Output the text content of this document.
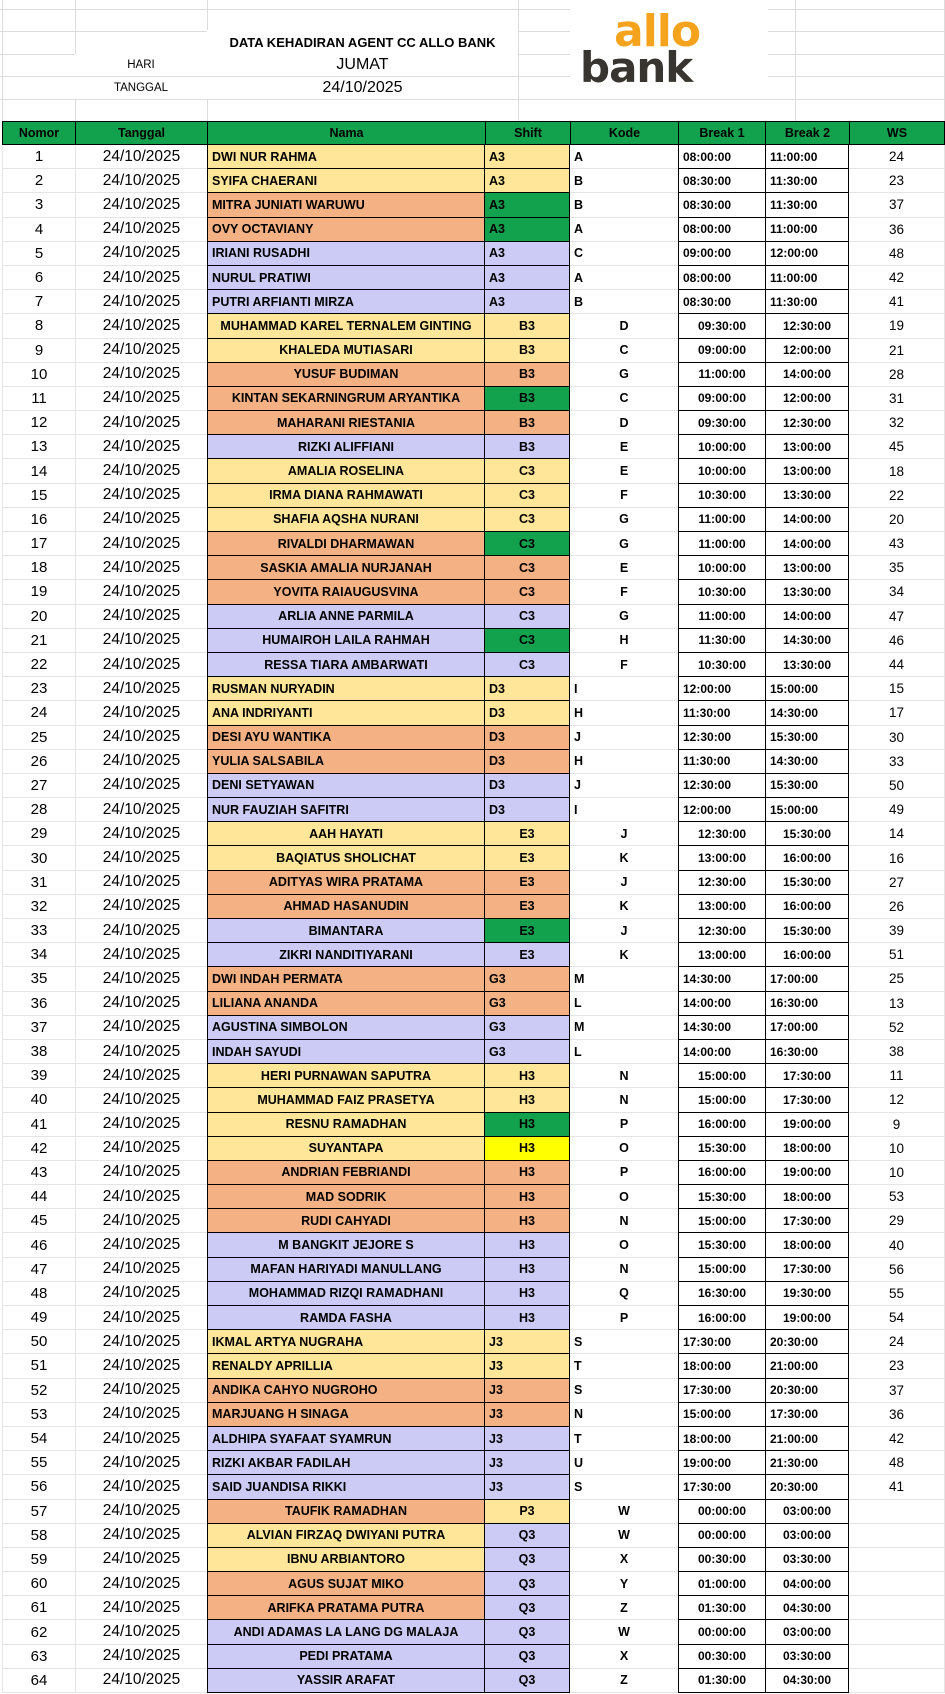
DATA KEHADIRAN AGENT CC ALLO BANK
HARI	JUMAT
TANGGAL	24/10/2025
allo
bank
Nomor	Tanggal	Nama	Shift	Kode	Break 1	Break 2	WS
1	24/10/2025	DWI NUR RAHMA	A3	A	08:00:00	11:00:00	24
2	24/10/2025	SYIFA CHAERANI	A3	B	08:30:00	11:30:00	23
3	24/10/2025	MITRA JUNIATI WARUWU	A3	B	08:30:00	11:30:00	37
4	24/10/2025	OVY OCTAVIANY	A3	A	08:00:00	11:00:00	36
5	24/10/2025	IRIANI RUSADHI	A3	C	09:00:00	12:00:00	48
6	24/10/2025	NURUL PRATIWI	A3	A	08:00:00	11:00:00	42
7	24/10/2025	PUTRI ARFIANTI MIRZA	A3	B	08:30:00	11:30:00	41
8	24/10/2025	MUHAMMAD KAREL TERNALEM GINTING	B3	D	09:30:00	12:30:00	19
9	24/10/2025	KHALEDA MUTIASARI	B3	C	09:00:00	12:00:00	21
10	24/10/2025	YUSUF BUDIMAN	B3	G	11:00:00	14:00:00	28
11	24/10/2025	KINTAN SEKARNINGRUM ARYANTIKA	B3	C	09:00:00	12:00:00	31
12	24/10/2025	MAHARANI RIESTANIA	B3	D	09:30:00	12:30:00	32
13	24/10/2025	RIZKI ALIFFIANI	B3	E	10:00:00	13:00:00	45
14	24/10/2025	AMALIA ROSELINA	C3	E	10:00:00	13:00:00	18
15	24/10/2025	IRMA DIANA RAHMAWATI	C3	F	10:30:00	13:30:00	22
16	24/10/2025	SHAFIA AQSHA NURANI	C3	G	11:00:00	14:00:00	20
17	24/10/2025	RIVALDI DHARMAWAN	C3	G	11:00:00	14:00:00	43
18	24/10/2025	SASKIA AMALIA NURJANAH	C3	E	10:00:00	13:00:00	35
19	24/10/2025	YOVITA RAIAUGUSVINA	C3	F	10:30:00	13:30:00	34
20	24/10/2025	ARLIA ANNE PARMILA	C3	G	11:00:00	14:00:00	47
21	24/10/2025	HUMAIROH LAILA RAHMAH	C3	H	11:30:00	14:30:00	46
22	24/10/2025	RESSA TIARA AMBARWATI	C3	F	10:30:00	13:30:00	44
23	24/10/2025	RUSMAN NURYADIN	D3	I	12:00:00	15:00:00	15
24	24/10/2025	ANA INDRIYANTI	D3	H	11:30:00	14:30:00	17
25	24/10/2025	DESI AYU WANTIKA	D3	J	12:30:00	15:30:00	30
26	24/10/2025	YULIA SALSABILA	D3	H	11:30:00	14:30:00	33
27	24/10/2025	DENI SETYAWAN	D3	J	12:30:00	15:30:00	50
28	24/10/2025	NUR FAUZIAH SAFITRI	D3	I	12:00:00	15:00:00	49
29	24/10/2025	AAH HAYATI	E3	J	12:30:00	15:30:00	14
30	24/10/2025	BAQIATUS SHOLICHAT	E3	K	13:00:00	16:00:00	16
31	24/10/2025	ADITYAS WIRA PRATAMA	E3	J	12:30:00	15:30:00	27
32	24/10/2025	AHMAD HASANUDIN	E3	K	13:00:00	16:00:00	26
33	24/10/2025	BIMANTARA	E3	J	12:30:00	15:30:00	39
34	24/10/2025	ZIKRI NANDITIYARANI	E3	K	13:00:00	16:00:00	51
35	24/10/2025	DWI INDAH PERMATA	G3	M	14:30:00	17:00:00	25
36	24/10/2025	LILIANA ANANDA	G3	L	14:00:00	16:30:00	13
37	24/10/2025	AGUSTINA SIMBOLON	G3	M	14:30:00	17:00:00	52
38	24/10/2025	INDAH SAYUDI	G3	L	14:00:00	16:30:00	38
39	24/10/2025	HERI PURNAWAN SAPUTRA	H3	N	15:00:00	17:30:00	11
40	24/10/2025	MUHAMMAD FAIZ PRASETYA	H3	N	15:00:00	17:30:00	12
41	24/10/2025	RESNU RAMADHAN	H3	P	16:00:00	19:00:00	9
42	24/10/2025	SUYANTAPA	H3	O	15:30:00	18:00:00	10
43	24/10/2025	ANDRIAN FEBRIANDI	H3	P	16:00:00	19:00:00	10
44	24/10/2025	MAD SODRIK	H3	O	15:30:00	18:00:00	53
45	24/10/2025	RUDI CAHYADI	H3	N	15:00:00	17:30:00	29
46	24/10/2025	M BANGKIT JEJORE S	H3	O	15:30:00	18:00:00	40
47	24/10/2025	MAFAN HARIYADI MANULLANG	H3	N	15:00:00	17:30:00	56
48	24/10/2025	MOHAMMAD RIZQI RAMADHANI	H3	Q	16:30:00	19:30:00	55
49	24/10/2025	RAMDA FASHA	H3	P	16:00:00	19:00:00	54
50	24/10/2025	IKMAL ARTYA NUGRAHA	J3	S	17:30:00	20:30:00	24
51	24/10/2025	RENALDY APRILLIA	J3	T	18:00:00	21:00:00	23
52	24/10/2025	ANDIKA CAHYO NUGROHO	J3	S	17:30:00	20:30:00	37
53	24/10/2025	MARJUANG H SINAGA	J3	N	15:00:00	17:30:00	36
54	24/10/2025	ALDHIPA SYAFAAT SYAMRUN	J3	T	18:00:00	21:00:00	42
55	24/10/2025	RIZKI AKBAR FADILAH	J3	U	19:00:00	21:30:00	48
56	24/10/2025	SAID JUANDISA RIKKI	J3	S	17:30:00	20:30:00	41
57	24/10/2025	TAUFIK RAMADHAN	P3	W	00:00:00	03:00:00
58	24/10/2025	ALVIAN FIRZAQ DWIYANI PUTRA	Q3	W	00:00:00	03:00:00
59	24/10/2025	IBNU ARBIANTORO	Q3	X	00:30:00	03:30:00
60	24/10/2025	AGUS SUJAT MIKO	Q3	Y	01:00:00	04:00:00
61	24/10/2025	ARIFKA PRATAMA PUTRA	Q3	Z	01:30:00	04:30:00
62	24/10/2025	ANDI ADAMAS LA LANG DG MALAJA	Q3	W	00:00:00	03:00:00
63	24/10/2025	PEDI PRATAMA	Q3	X	00:30:00	03:30:00
64	24/10/2025	YASSIR ARAFAT	Q3	Z	01:30:00	04:30:00
